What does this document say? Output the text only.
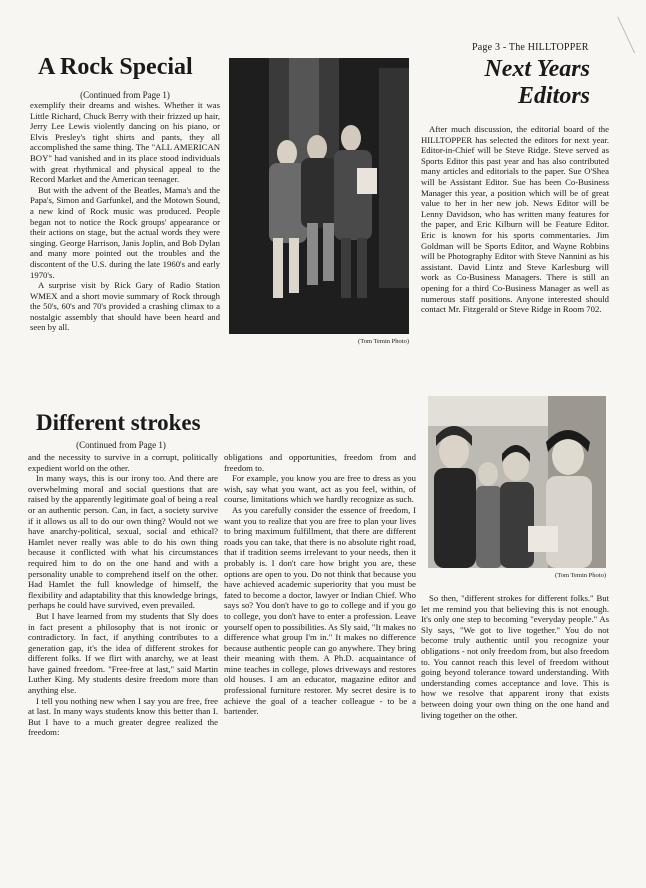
Page 3 - The HILLTOPPER
A Rock Special
(Continued from Page 1)

exemplify their dreams and wishes. Whether it was Little Richard, Chuck Berry with their frizzed up hair, Jerry Lee Lewis violently dancing on his piano, or Elvis Presley's tight shirts and pants, they all accomplished the same thing. The "ALL AMERICAN BOY" had vanished and in its place stood individuals with great rhythmical and physical appeal to the Record Market and the American teenager.

But with the advent of the Beatles, Mama's and the Papa's, Simon and Garfunkel, and the Motown Sound, a new kind of Rock music was produced. People began not to notice the Rock groups' appearance or their actions on stage, but the actual words they were singing. George Harrison, Janis Joplin, and Bob Dylan and many more pointed out the troubles and the discontent of the U.S. during the late 1960's and early 1970's.

A surprise visit by Rick Gary of Radio Station WMEX and a short movie summary of Rock through the 50's, 60's and 70's provided a crashing climax to a nostalgic assembly that should have been heard and seen by all.

(Tom Temin Photo)
Next Years
Editors

After much discussion, the editorial board of the HILLTOPPER has selected the editors for next year. Editor-in-Chief will be Steve Ridge. Steve served as Sports Editor this past year and has also contributed many articles and editorials to the paper. Sue O'Shea will be Assistant Editor. Sue has been Co-Business Manager this year, a position which will be of great value to her in her new job. News Editor will be Lenny Davidson, who has written many features for the paper, and Eric Kilburn will be Feature Editor. Eric is known for his sports commentaries. Jim Goldman will be Sports Editor, and Wayne Robbins will be Photography Editor with Steve Nannini as his assistant. David Lintz and Steve Karlesburg will work as Co-Business Managers. There is still an opening for a third Co-Business Manager as well as numerous staff positions. Anyone interested should contact Mr. Fitzgerald or Steve Ridge in Room 702.

Different strokes
(Continued from Page 1)

and the necessity to survive in a corrupt, politically expedient world on the other.

In many ways, this is our irony too. And there are overwhelming moral and social questions that are raised by the apparently legitimate goal of being a real or an authentic person. Can, in fact, a society survive if it allows us all to do our own thing? Would not we have anarchy-political, sexual, social and ethical? Hamlet never really was able to do his own thing because it conflicted with what his circumstances required him to do on the one hand and with a personality unable to comprehend itself on the other. Had Hamlet the full knowledge of himself, the flexibility and adaptability that this knowledge brings, perhaps he could have survived, even prevailed.

But I have learned from my students that Sly does in fact present a philosophy that is not ironic or contradictory. In fact, if anything contributes to a generation gap, it's the idea of different strokes for different folks. If we flirt with anarchy, we at least have gained freedom. "Free-free at last," said Martin Luther King. My students desire freedom more than anything else.

I tell you nothing new when I say you are free, free at last. In many ways students know this better than I. But I have to a much greater degree realized the freedom:

obligations and opportunities, freedom from and freedom to.

For example, you know you are free to dress as you wish, say what you want, act as you feel, within, of course, limitations which we hardly recognize as such.

As you carefully consider the essence of freedom, I want you to realize that you are free to plan your lives to bring maximum fulfillment, that there are different roads you can take, that there is no absolute right road, that if tradition seems irrelevant to your needs, then it probably is. I don't care how bright you are, these options are open to you. Do not think that because you have achieved academic superiority that you must be fated to become a doctor, lawyer or Indian Chief. Who says so? You don't have to go to college and if you go to college, you don't have to enter a profession. Leave yourself open to possibilities. As Sly said, "It makes no difference what group I'm in." It makes no difference because authentic people can go anywhere. They bring their meaning with them. A Ph.D. acquaintance of mine teaches in college, plows driveways and restores old houses. I am an educator, magazine editor and professional furniture restorer. My secret desire is to achieve the goal of a teacher colleague - to be a bartender.

(Tom Temin Photo)

So then, "different strokes for different folks." But let me remind you that believing this is not enough. It's only one step to becoming "everyday people." As Sly says, "We got to live together." You do not become truly authentic until you recognize your obligations - not only freedom from, but also freedom to. You cannot reach this level of freedom without going beyond tolerance toward understanding. With understanding comes acceptance and love. This is how we resolve that apparent irony that exists between doing your own thing on the one hand and living together on the other.
